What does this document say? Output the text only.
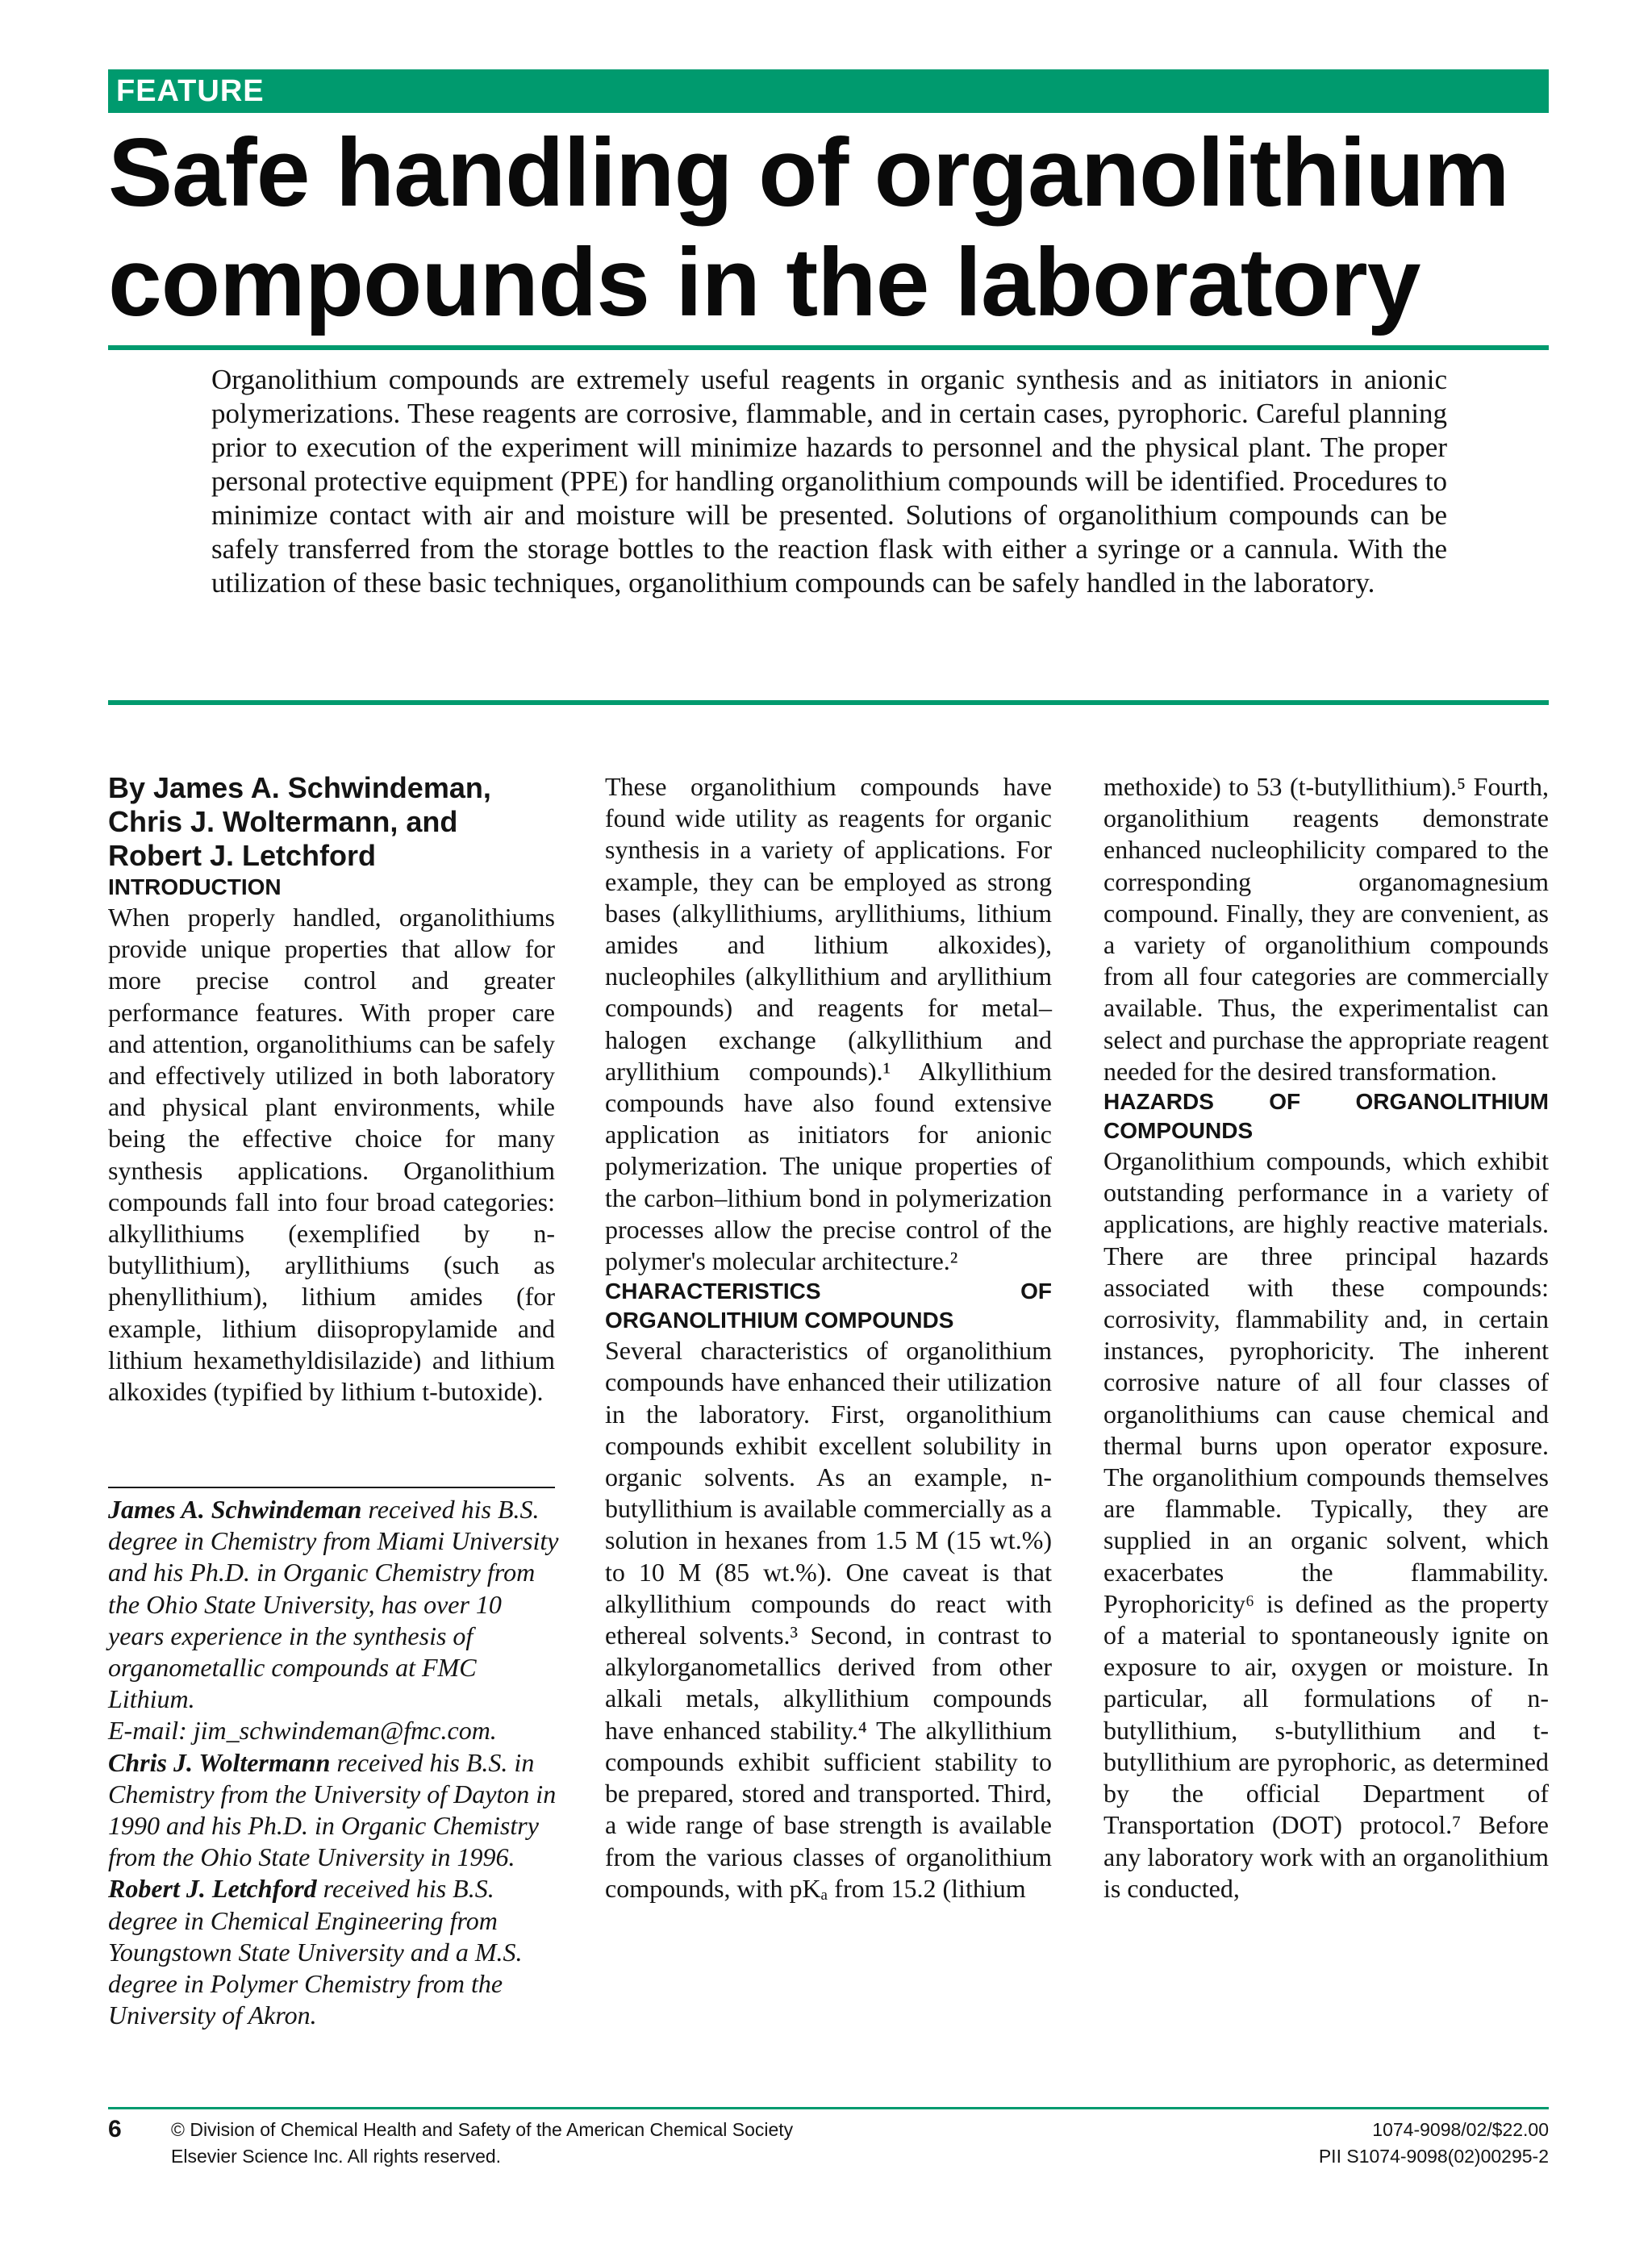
FEATURE
Safe handling of organolithium compounds in the laboratory

Organolithium compounds are extremely useful reagents in organic synthesis and as initiators in anionic polymerizations. These reagents are corrosive, flammable, and in certain cases, pyrophoric. Careful planning prior to execution of the experiment will minimize hazards to personnel and the physical plant. The proper personal protective equipment (PPE) for handling organolithium compounds will be identified. Procedures to minimize contact with air and moisture will be presented. Solutions of organolithium compounds can be safely transferred from the storage bottles to the reaction flask with either a syringe or a cannula. With the utilization of these basic techniques, organolithium compounds can be safely handled in the laboratory.

By James A. Schwindeman,
Chris J. Woltermann, and
Robert J. Letchford

INTRODUCTION

When properly handled, organolithiums provide unique properties that allow for more precise control and greater performance features. With proper care and attention, organolithiums can be safely and effectively utilized in both laboratory and physical plant environments, while being the effective choice for many synthesis applications. Organolithium compounds fall into four broad categories: alkyllithiums (exemplified by n-butyllithium), aryllithiums (such as phenyllithium), lithium amides (for example, lithium diisopropylamide and lithium hexamethyldisilazide) and lithium alkoxides (typified by lithium t-butoxide).

James A. Schwindeman received his B.S. degree in Chemistry from Miami University and his Ph.D. in Organic Chemistry from the Ohio State University, has over 10 years experience in the synthesis of organometallic compounds at FMC Lithium.
E-mail: jim_schwindeman@fmc.com.

Chris J. Woltermann received his B.S. in Chemistry from the University of Dayton in 1990 and his Ph.D. in Organic Chemistry from the Ohio State University in 1996.

Robert J. Letchford received his B.S. degree in Chemical Engineering from Youngstown State University and a M.S. degree in Polymer Chemistry from the University of Akron.

These organolithium compounds have found wide utility as reagents for organic synthesis in a variety of applications. For example, they can be employed as strong bases (alkyllithiums, aryllithiums, lithium amides and lithium alkoxides), nucleophiles (alkyllithium and aryllithium compounds) and reagents for metal–halogen exchange (alkyllithium and aryllithium compounds).¹ Alkyllithium compounds have also found extensive application as initiators for anionic polymerization. The unique properties of the carbon–lithium bond in polymerization processes allow the precise control of the polymer's molecular architecture.²

CHARACTERISTICS OF ORGANOLITHIUM COMPOUNDS

Several characteristics of organolithium compounds have enhanced their utilization in the laboratory. First, organolithium compounds exhibit excellent solubility in organic solvents. As an example, n-butyllithium is available commercially as a solution in hexanes from 1.5 M (15 wt.%) to 10 M (85 wt.%). One caveat is that alkyllithium compounds do react with ethereal solvents.³ Second, in contrast to alkylorganometallics derived from other alkali metals, alkyllithium compounds have enhanced stability.⁴ The alkyllithium compounds exhibit sufficient stability to be prepared, stored and transported. Third, a wide range of base strength is available from the various classes of organolithium compounds, with pKₐ from 15.2 (lithium

methoxide) to 53 (t-butyllithium).⁵ Fourth, organolithium reagents demonstrate enhanced nucleophilicity compared to the corresponding organomagnesium compound. Finally, they are convenient, as a variety of organolithium compounds from all four categories are commercially available. Thus, the experimentalist can select and purchase the appropriate reagent needed for the desired transformation.

HAZARDS OF ORGANOLITHIUM COMPOUNDS

Organolithium compounds, which exhibit outstanding performance in a variety of applications, are highly reactive materials. There are three principal hazards associated with these compounds: corrosivity, flammability and, in certain instances, pyrophoricity. The inherent corrosive nature of all four classes of organolithiums can cause chemical and thermal burns upon operator exposure. The organolithium compounds themselves are flammable. Typically, they are supplied in an organic solvent, which exacerbates the flammability. Pyrophoricity⁶ is defined as the property of a material to spontaneously ignite on exposure to air, oxygen or moisture. In particular, all formulations of n-butyllithium, s-butyllithium and t-butyllithium are pyrophoric, as determined by the official Department of Transportation (DOT) protocol.⁷ Before any laboratory work with an organolithium is conducted,

6	© Division of Chemical Health and Safety of the American Chemical Society
Elsevier Science Inc. All rights reserved.
1074-9098/02/$22.00
PII S1074-9098(02)00295-2
